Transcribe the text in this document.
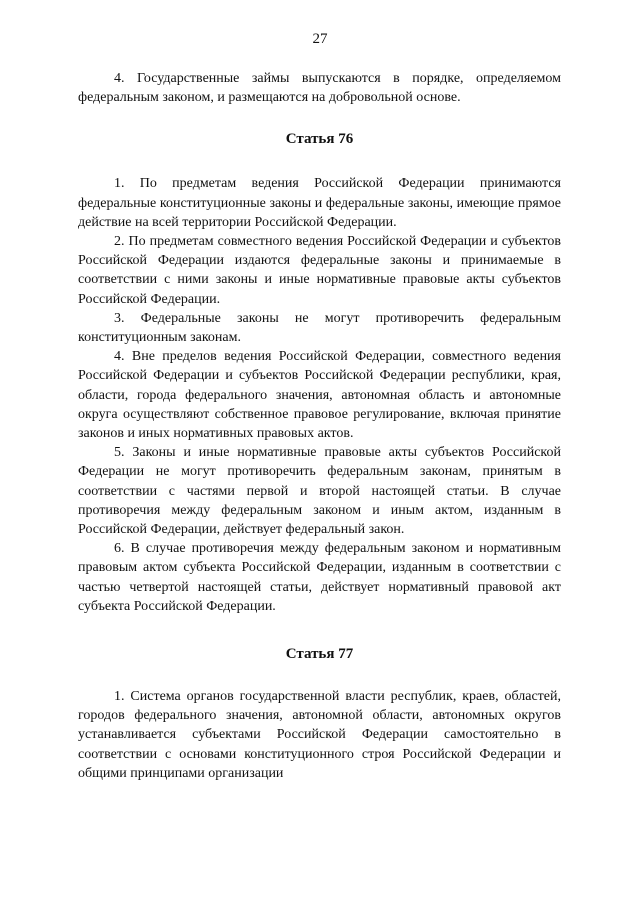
27

4. Государственные займы выпускаются в порядке, определяемом федеральным законом, и размещаются на добровольной основе.

Статья 76

1. По предметам ведения Российской Федерации принимаются федеральные конституционные законы и федеральные законы, имеющие прямое действие на всей территории Российской Федерации.

2. По предметам совместного ведения Российской Федерации и субъектов Российской Федерации издаются федеральные законы и принимаемые в соответствии с ними законы и иные нормативные правовые акты субъектов Российской Федерации.

3. Федеральные законы не могут противоречить федеральным конституционным законам.

4. Вне пределов ведения Российской Федерации, совместного ведения Российской Федерации и субъектов Российской Федерации республики, края, области, города федерального значения, автономная область и автономные округа осуществляют собственное правовое регулирование, включая принятие законов и иных нормативных правовых актов.

5. Законы и иные нормативные правовые акты субъектов Российской Федерации не могут противоречить федеральным законам, принятым в соответствии с частями первой и второй настоящей статьи. В случае противоречия между федеральным законом и иным актом, изданным в Российской Федерации, действует федеральный закон.

6. В случае противоречия между федеральным законом и нормативным правовым актом субъекта Российской Федерации, изданным в соответствии с частью четвертой настоящей статьи, действует нормативный правовой акт субъекта Российской Федерации.

Статья 77

1. Система органов государственной власти республик, краев, областей, городов федерального значения, автономной области, автономных округов устанавливается субъектами Российской Федерации самостоятельно в соответствии с основами конституционного строя Российской Федерации и общими принципами организации
